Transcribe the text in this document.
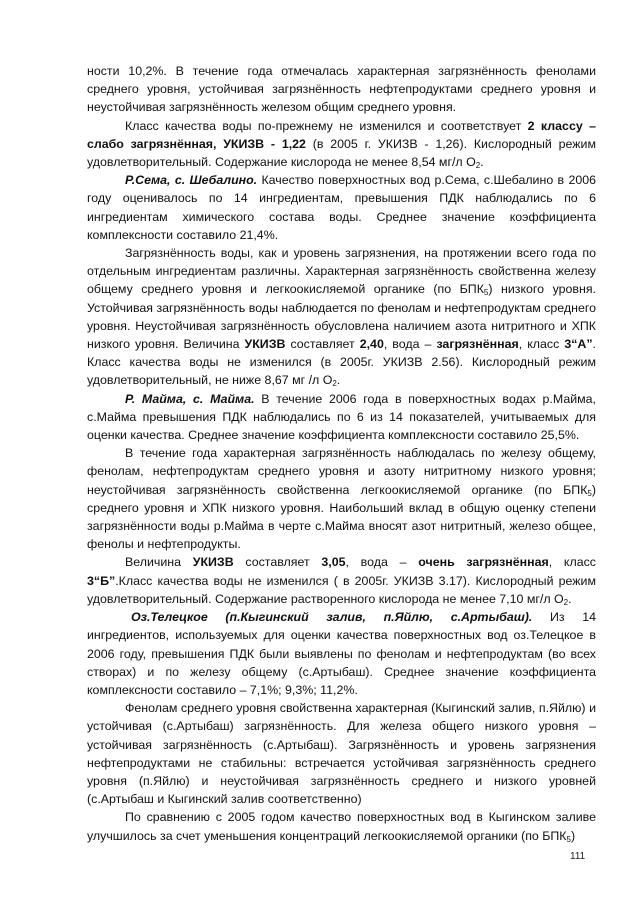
ности 10,2%. В течение года отмечалась характерная загрязнённость фенолами среднего уровня, устойчивая загрязнённость нефтепродуктами среднего уровня и неустойчивая загрязнённость железом общим среднего уровня.

Класс качества воды по-прежнему не изменился и соответствует 2 классу – слабо загрязнённая, УКИЗВ - 1,22 (в 2005 г. УКИЗВ - 1,26). Кислородный режим удовлетворительный. Содержание кислорода не менее 8,54 мг/л $О_2$.

Р.Сема, с. Шебалино. Качество поверхностных вод р.Сема, с.Шебалино в 2006 году оценивалось по 14 ингредиентам, превышения ПДК наблюдались по 6 ингредиентам химического состава воды. Среднее значение коэффициента комплексности составило 21,4%.

Загрязнённость воды, как и уровень загрязнения, на протяжении всего года по отдельным ингредиентам различны. Характерная загрязнённость свойственна железу общему среднего уровня и легкоокисляемой органике (по $БПК_5$) низкого уровня. Устойчивая загрязнённость воды наблюдается по фенолам и нефтепродуктам среднего уровня. Неустойчивая загрязнённость обусловлена наличием азота нитритного и ХПК низкого уровня. Величина УКИЗВ составляет 2,40, вода – загрязнённая, класс 3“А”. Класс качества воды не изменился (в 2005г. УКИЗВ 2.56). Кислородный режим удовлетворительный, не ниже 8,67 мг /л $О_2$.

Р. Майма, с. Майма. В течение 2006 года в поверхностных водах р.Майма, с.Майма превышения ПДК наблюдались по 6 из 14 показателей, учитываемых для оценки качества. Среднее значение коэффициента комплексности составило 25,5%.

В течение года характерная загрязнённость наблюдалась по железу общему, фенолам, нефтепродуктам среднего уровня и азоту нитритному низкого уровня; неустойчивая загрязнённость свойственна легкоокисляемой органике (по $БПК_5$) среднего уровня и ХПК низкого уровня. Наибольший вклад в общую оценку степени загрязнённости воды р.Майма в черте с.Майма вносят азот нитритный, железо общее, фенолы и нефтепродукты.

Величина УКИЗВ составляет 3,05, вода – очень загрязнённая, класс 3“Б”.Класс качества воды не изменился ( в 2005г. УКИЗВ 3.17). Кислородный режим удовлетворительный. Содержание растворенного кислорода не менее 7,10 мг/л $О_2$.

Оз.Телецкое (п.Кыгинский залив, п.Яйлю, с.Артыбаш). Из 14 ингредиентов, используемых для оценки качества поверхностных вод оз.Телецкое в 2006 году, превышения ПДК были выявлены по фенолам и нефтепродуктам (во всех створах) и по железу общему (с.Артыбаш). Среднее значение коэффициента комплексности составило – 7,1%; 9,3%; 11,2%.

Фенолам среднего уровня свойственна характерная (Кыгинский залив, п.Яйлю) и устойчивая (с.Артыбаш) загрязнённость. Для железа общего низкого уровня – устойчивая загрязнённость (с.Артыбаш). Загрязнённость и уровень загрязнения нефтепродуктами не стабильны: встречается устойчивая загрязнённость среднего уровня (п.Яйлю) и неустойчивая загрязнённость среднего и низкого уровней (с.Артыбаш и Кыгинский залив соответственно)

По сравнению с 2005 годом качество поверхностных вод в Кыгинском заливе улучшилось за счет уменьшения концентраций легкоокисляемой органики (по $БПК_5$)

111
